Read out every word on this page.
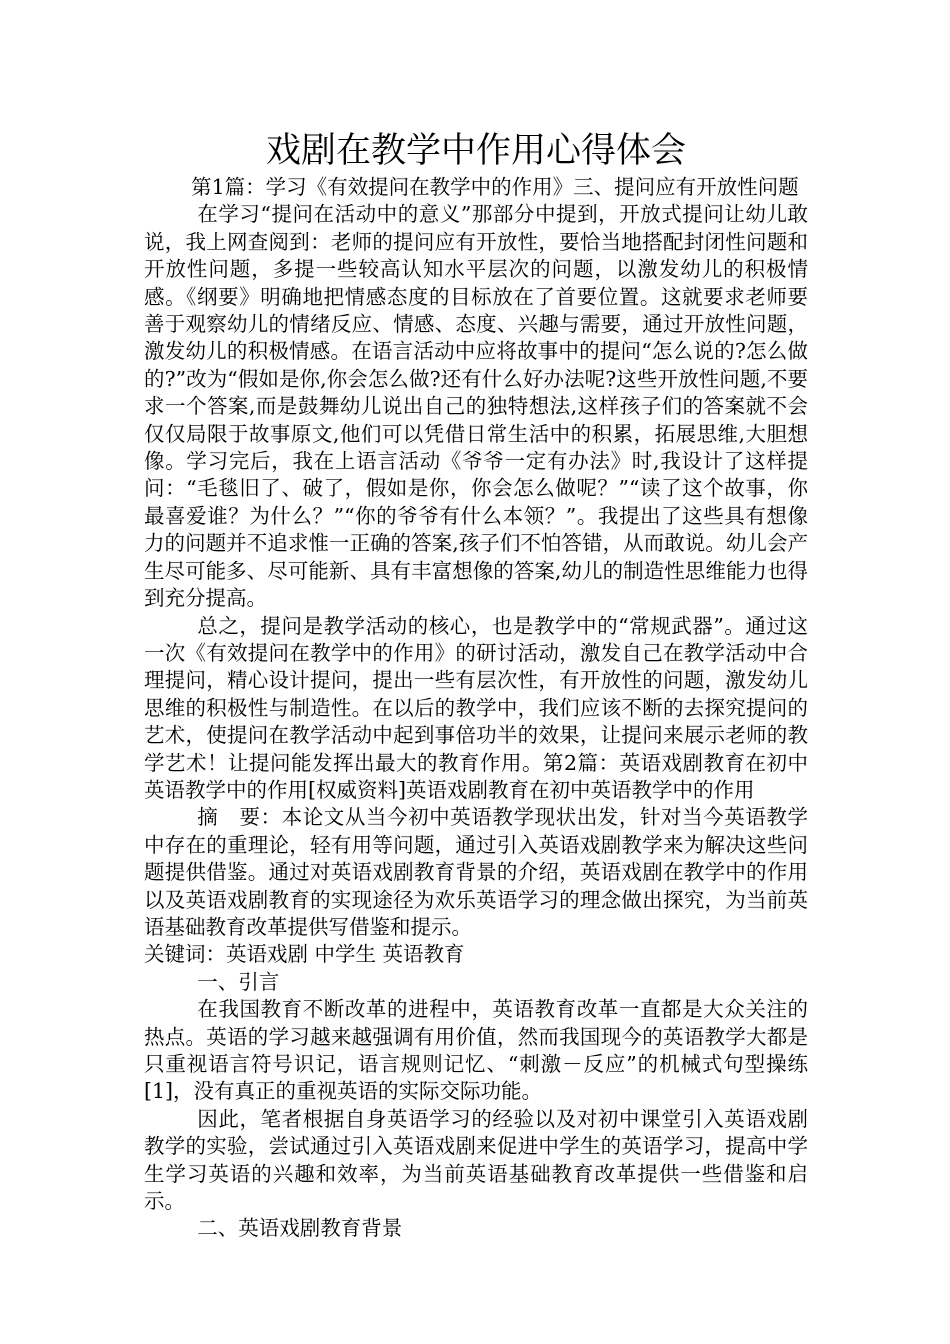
戏剧在教学中作用心得体会

第1篇：学习《有效提问在教学中的作用》三、提问应有开放性问题

在学习“提问在活动中的意义”那部分中提到，开放式提问让幼儿敢说，我上网查阅到：老师的提问应有开放性，要恰当地搭配封闭性问题和开放性问题，多提一些较高认知水平层次的问题，以激发幼儿的积极情感。《纲要》明确地把情感态度的目标放在了首要位置。这就要求老师要善于观察幼儿的情绪反应、情感、态度、兴趣与需要，通过开放性问题，激发幼儿的积极情感。在语言活动中应将故事中的提问“怎么说的?怎么做的?”改为“假如是你,你会怎么做?还有什么好办法呢?这些开放性问题,不要求一个答案,而是鼓舞幼儿说出自己的独特想法,这样孩子们的答案就不会仅仅局限于故事原文,他们可以凭借日常生活中的积累，拓展思维,大胆想像。学习完后，我在上语言活动《爷爷一定有办法》时,我设计了这样提问：“毛毯旧了、破了，假如是你，你会怎么做呢？”“读了这个故事，你最喜爱谁？为什么？”“你的爷爷有什么本领？”。我提出了这些具有想像力的问题并不追求惟一正确的答案,孩子们不怕答错，从而敢说。幼儿会产生尽可能多、尽可能新、具有丰富想像的答案,幼儿的制造性思维能力也得到充分提高。

总之，提问是教学活动的核心，也是教学中的“常规武器”。通过这一次《有效提问在教学中的作用》的研讨活动，激发自己在教学活动中合理提问，精心设计提问，提出一些有层次性，有开放性的问题，激发幼儿思维的积极性与制造性。在以后的教学中，我们应该不断的去探究提问的艺术，使提问在教学活动中起到事倍功半的效果，让提问来展示老师的教学艺术！让提问能发挥出最大的教育作用。第2篇：英语戏剧教育在初中英语教学中的作用[权威资料]英语戏剧教育在初中英语教学中的作用

摘　要：本论文从当今初中英语教学现状出发，针对当今英语教学中存在的重理论，轻有用等问题，通过引入英语戏剧教学来为解决这些问题提供借鉴。通过对英语戏剧教育背景的介绍，英语戏剧在教学中的作用以及英语戏剧教育的实现途径为欢乐英语学习的理念做出探究，为当前英语基础教育改革提供写借鉴和提示。

关键词：英语戏剧 中学生 英语教育

一、引言

在我国教育不断改革的进程中，英语教育改革一直都是大众关注的热点。英语的学习越来越强调有用价值，然而我国现今的英语教学大都是只重视语言符号识记，语言规则记忆、“刺激－反应”的机械式句型操练[1]，没有真正的重视英语的实际交际功能。

因此，笔者根据自身英语学习的经验以及对初中课堂引入英语戏剧教学的实验，尝试通过引入英语戏剧来促进中学生的英语学习，提高中学生学习英语的兴趣和效率，为当前英语基础教育改革提供一些借鉴和启示。

二、英语戏剧教育背景
